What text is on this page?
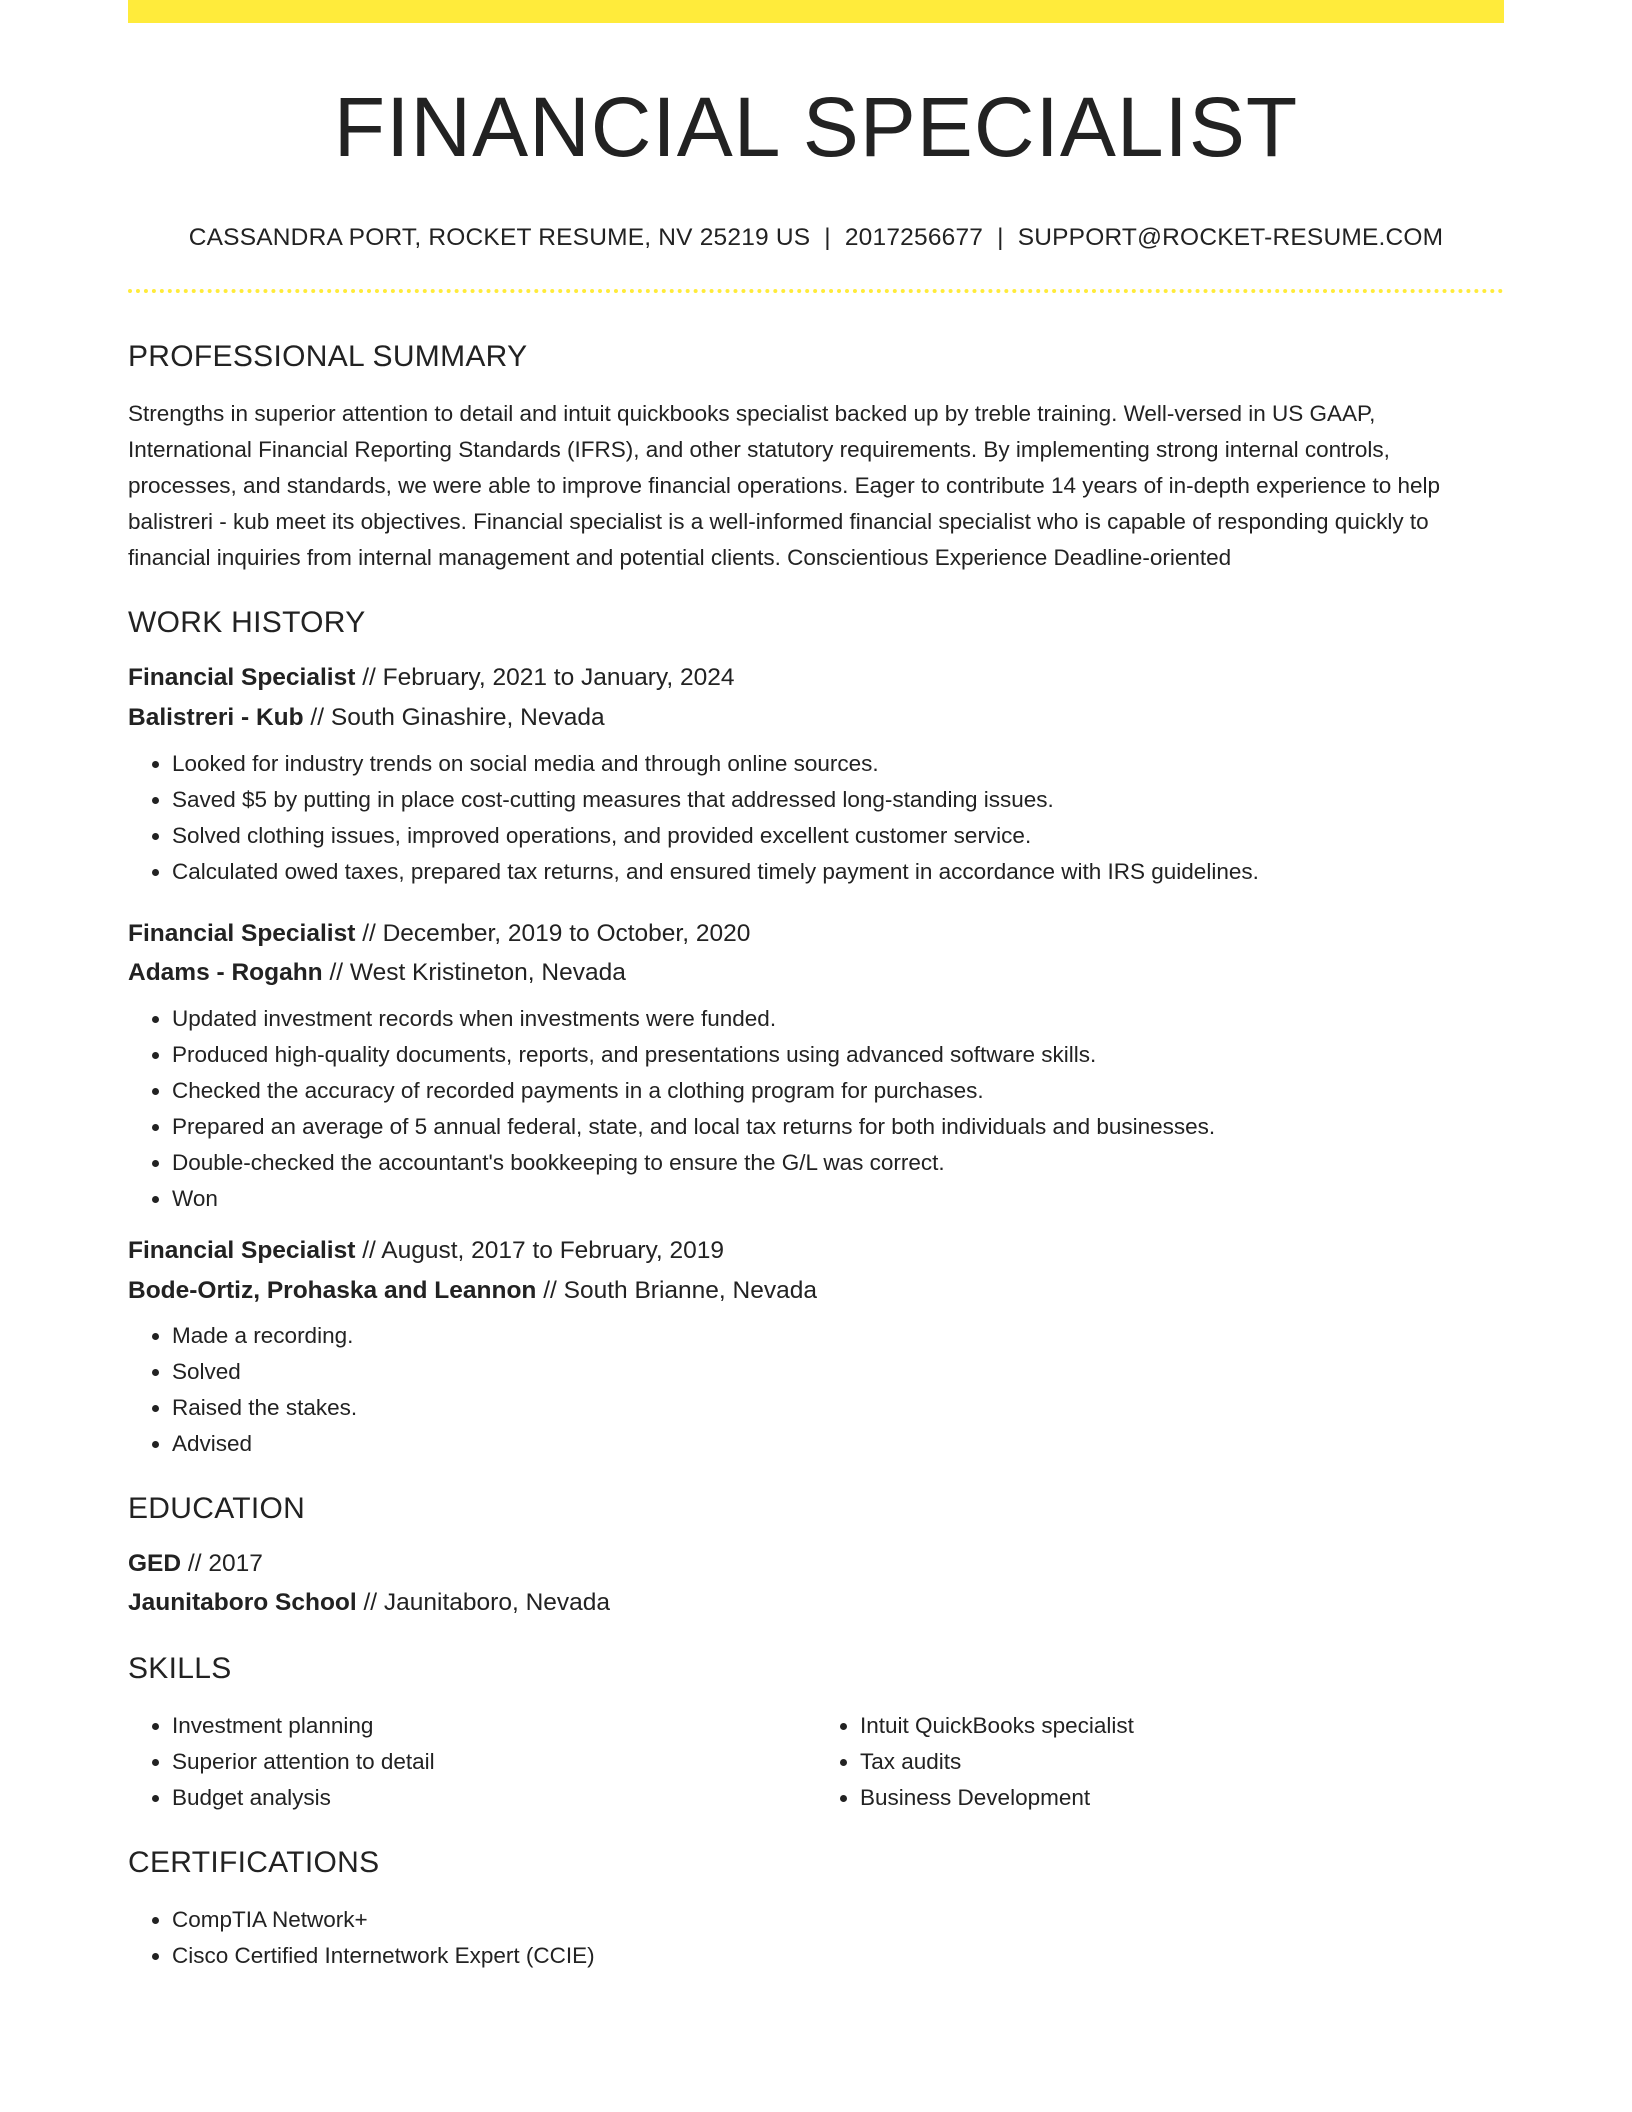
FINANCIAL SPECIALIST
CASSANDRA PORT, ROCKET RESUME, NV 25219 US | 2017256677 | SUPPORT@ROCKET-RESUME.COM
PROFESSIONAL SUMMARY

Strengths in superior attention to detail and intuit quickbooks specialist backed up by treble training. Well-versed in US GAAP, International Financial Reporting Standards (IFRS), and other statutory requirements. By implementing strong internal controls, processes, and standards, we were able to improve financial operations. Eager to contribute 14 years of in-depth experience to help balistreri - kub meet its objectives. Financial specialist is a well-informed financial specialist who is capable of responding quickly to financial inquiries from internal management and potential clients. Conscientious Experience Deadline-oriented

WORK HISTORY
Financial Specialist // February, 2021 to January, 2024
Balistreri - Kub // South Ginashire, Nevada
• Looked for industry trends on social media and through online sources.
• Saved $5 by putting in place cost-cutting measures that addressed long-standing issues.
• Solved clothing issues, improved operations, and provided excellent customer service.
• Calculated owed taxes, prepared tax returns, and ensured timely payment in accordance with IRS guidelines.
Financial Specialist // December, 2019 to October, 2020
Adams - Rogahn // West Kristineton, Nevada
• Updated investment records when investments were funded.
• Produced high-quality documents, reports, and presentations using advanced software skills.
• Checked the accuracy of recorded payments in a clothing program for purchases.
• Prepared an average of 5 annual federal, state, and local tax returns for both individuals and businesses.
• Double-checked the accountant's bookkeeping to ensure the G/L was correct.
• Won
Financial Specialist // August, 2017 to February, 2019
Bode-Ortiz, Prohaska and Leannon // South Brianne, Nevada
• Made a recording.
• Solved
• Raised the stakes.
• Advised
EDUCATION
GED // 2017
Jaunitaboro School // Jaunitaboro, Nevada
SKILLS
• Investment planning
• Superior attention to detail
• Budget analysis
• Intuit QuickBooks specialist
• Tax audits
• Business Development
CERTIFICATIONS
• CompTIA Network+
• Cisco Certified Internetwork Expert (CCIE)
